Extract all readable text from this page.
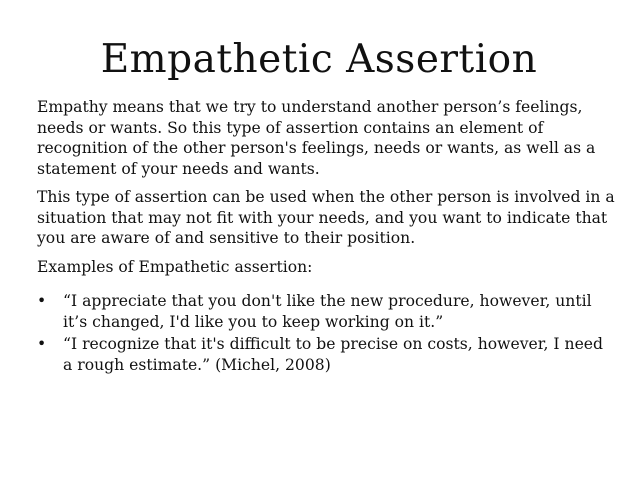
Empathetic Assertion

Empathy means that we try to understand another person’s feelings, needs or wants. So this type of assertion contains an element of recognition of the other person's feelings, needs or wants, as well as a statement of your needs and wants.

This type of assertion can be used when the other person is involved in a situation that may not fit with your needs, and you want to indicate that you are aware of and sensitive to their position.

Examples of Empathetic assertion:

• “I appreciate that you don't like the new procedure, however, until it’s changed, I'd like you to keep working on it.”
• “I recognize that it's difficult to be precise on costs, however, I need a rough estimate.” (Michel, 2008)
